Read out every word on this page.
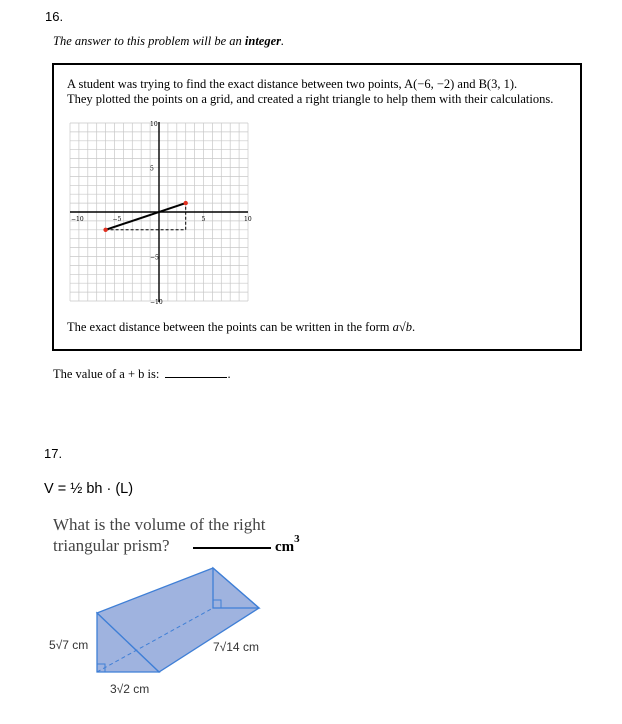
16.
The answer to this problem will be an integer.
A student was trying to find the exact distance between two points, A(−6, −2) and B(3, 1).
They plotted the points on a grid, and created a right triangle to help them with their calculations.
−10	−5	5	10
10
5
−5
−10
The exact distance between the points can be written in the form a√b.
The value of a + b is:	.
17.
V = ½ bh · (L)
What is the volume of the right
triangular prism?	$cm^3$
5√7 cm	7√14 cm
3√2 cm
